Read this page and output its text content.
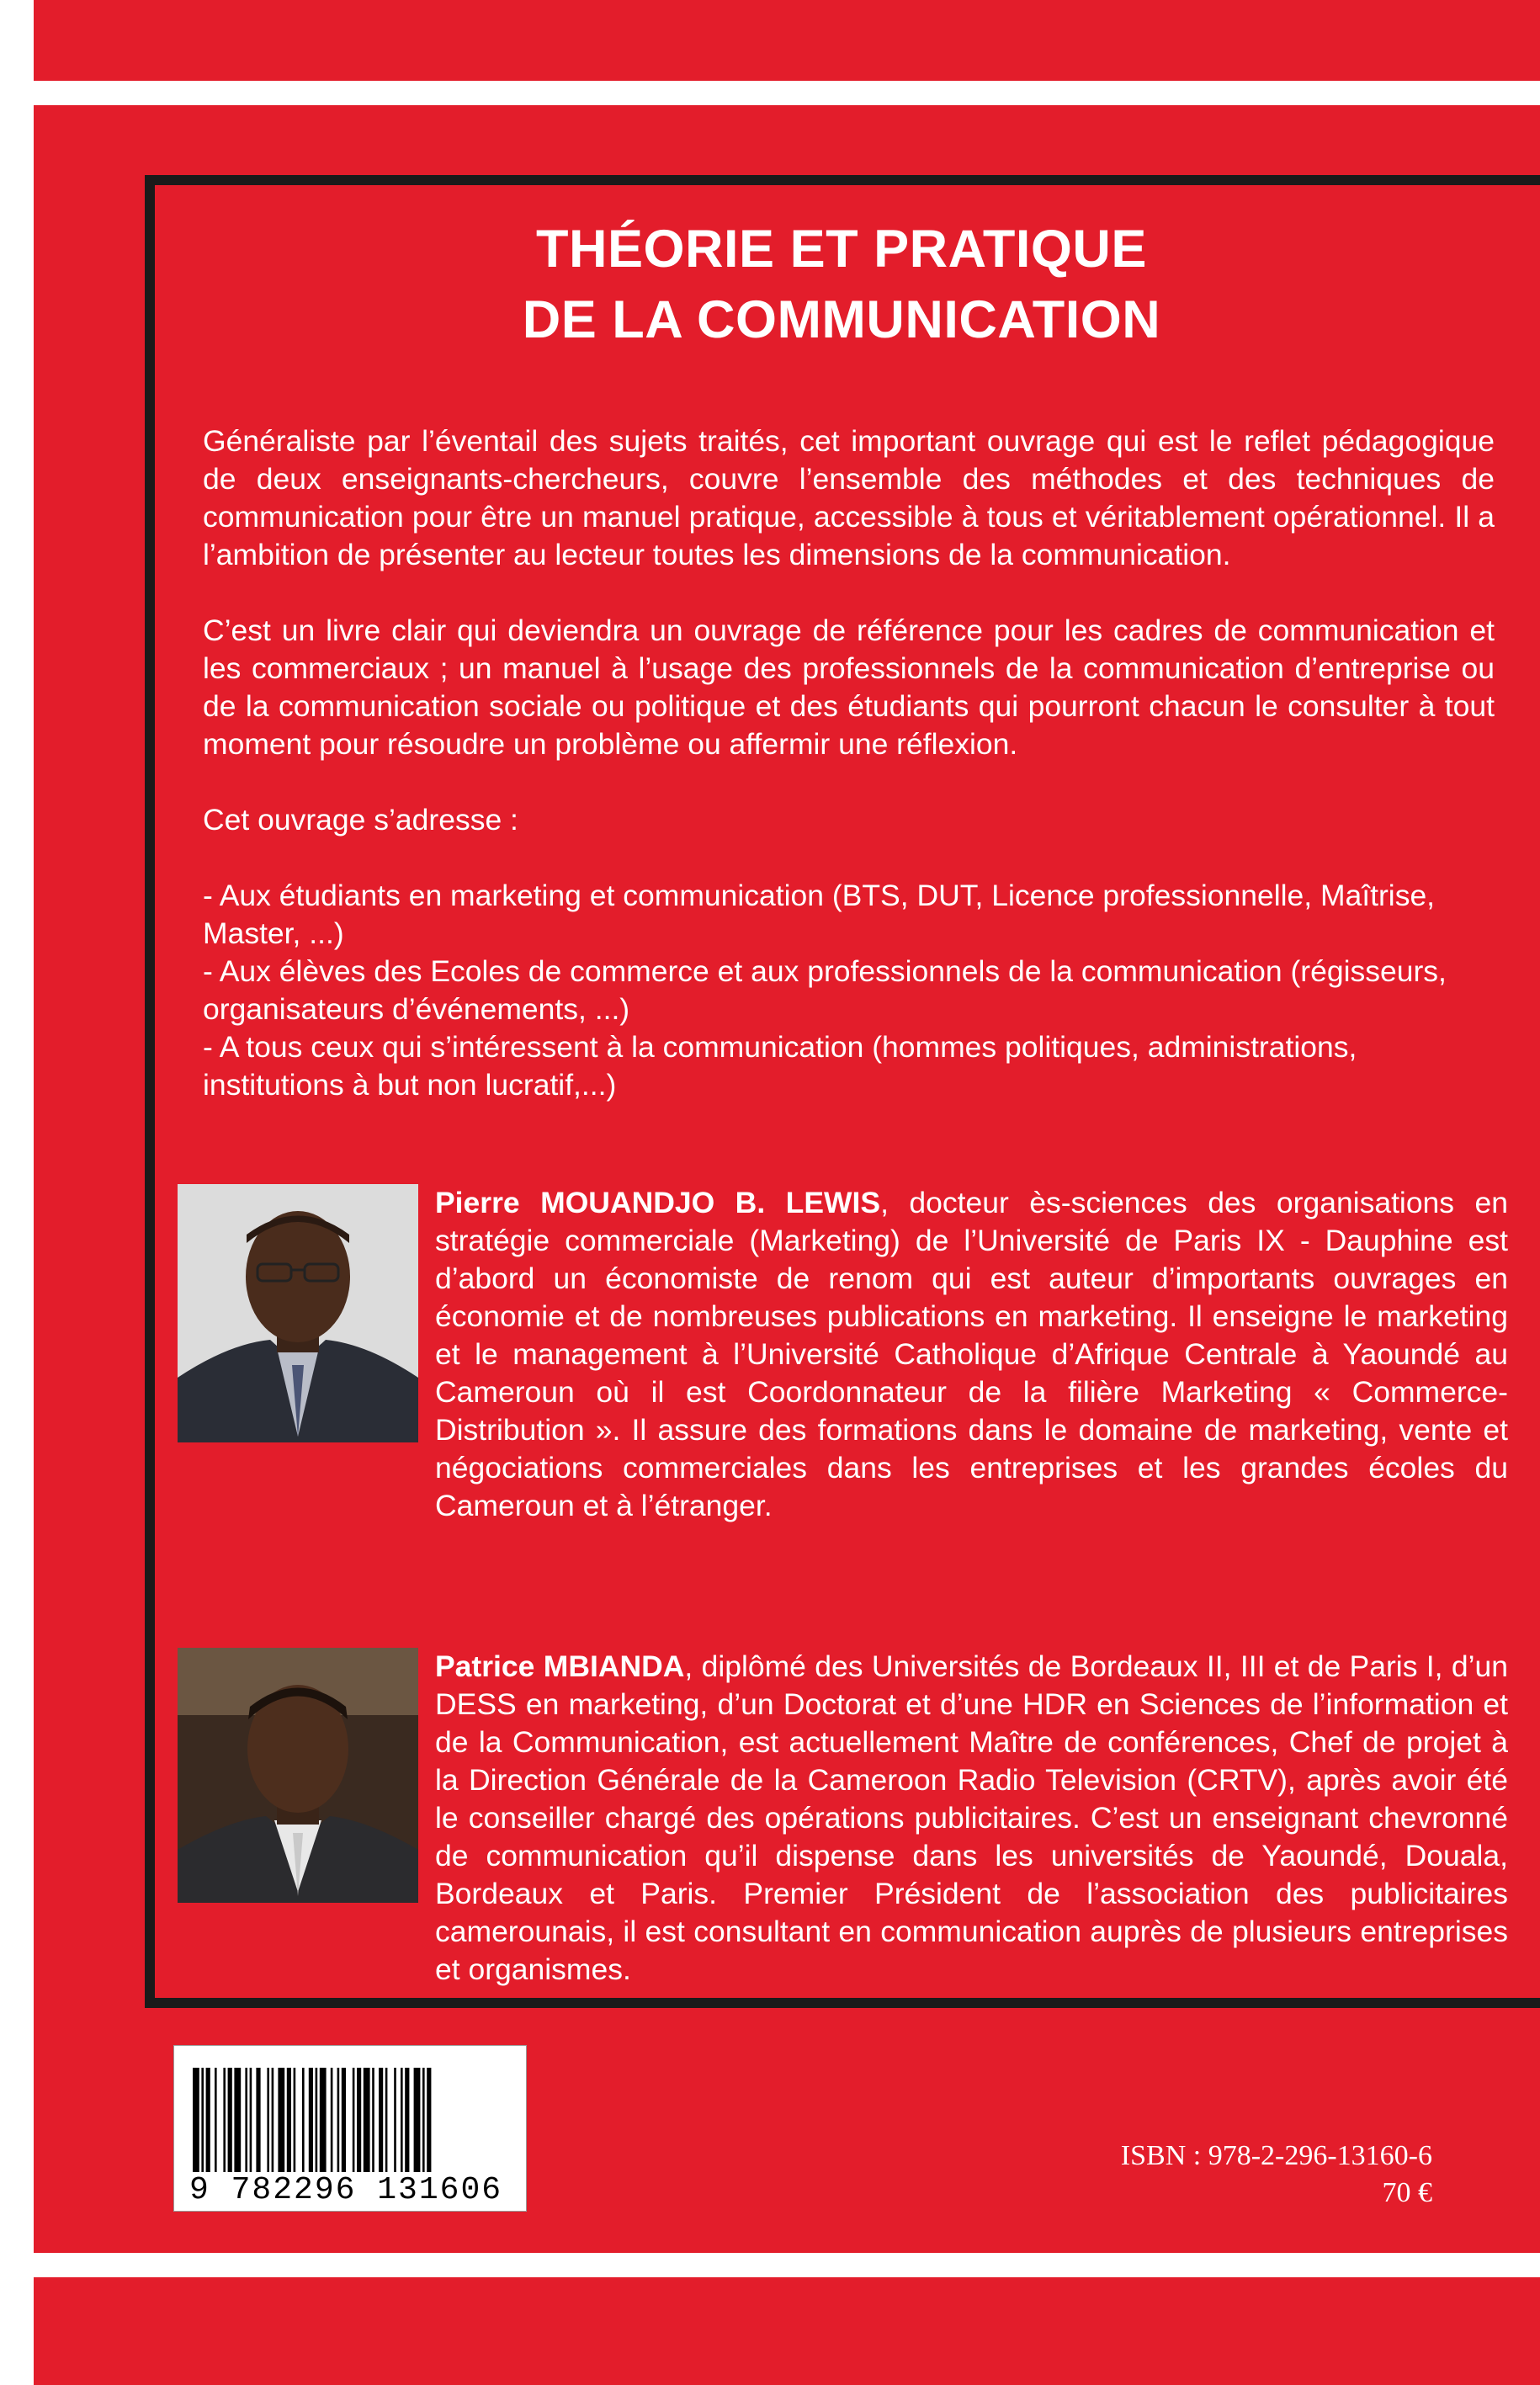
THÉORIE ET PRATIQUE
DE LA COMMUNICATION

Généraliste par l’éventail des sujets traités, cet important ouvrage qui est le reflet pédagogique de deux enseignants-chercheurs, couvre l’ensemble des méthodes et des techniques de communication pour être un manuel pratique, accessible à tous et véritablement opérationnel. Il a l’ambition de présenter au lecteur toutes les dimensions de la communication.

C’est un livre clair qui deviendra un ouvrage de référence pour les cadres de communication et les commerciaux ; un manuel à l’usage des professionnels de la communication d’entreprise ou de la communication sociale ou politique et des étudiants qui pourront chacun le consulter à tout moment pour résoudre un problème ou affermir une réflexion.

Cet ouvrage s’adresse :

- Aux étudiants en marketing et communication (BTS, DUT, Licence professionnelle, Maîtrise,
Master, ...)
- Aux élèves des Ecoles de commerce et aux professionnels de la communication (régisseurs,
organisateurs d’événements, ...)
- A tous ceux qui s’intéressent à la communication (hommes politiques, administrations,
institutions à but non lucratif,...)

Pierre MOUANDJO B. LEWIS, docteur ès-sciences des organisations en stratégie commerciale (Marketing) de l’Université de Paris IX - Dauphine est d’abord un économiste de renom qui est auteur d’importants ouvrages en économie et de nombreuses publications en marketing. Il enseigne le marketing et le management à l’Université Catholique d’Afrique Centrale à Yaoundé au Cameroun où il est Coordonnateur de la filière Marketing « Commerce-Distribution ». Il assure des formations dans le domaine de marketing, vente et négociations commerciales dans les entreprises et les grandes écoles du Cameroun et à l’étranger.

Patrice MBIANDA, diplômé des Universités de Bordeaux II, III et de Paris I, d’un DESS en marketing, d’un Doctorat et d’une HDR en Sciences de l’information et de la Communication, est actuellement Maître de conférences, Chef de projet à la Direction Générale de la Cameroon Radio Television (CRTV), après avoir été le conseiller chargé des opérations publicitaires. C’est un enseignant chevronné de communication qu’il dispense dans les universités de Yaoundé, Douala, Bordeaux et Paris. Premier Président de l’association des publicitaires camerounais, il est consultant en communication auprès de plusieurs entreprises et organismes.

9 782296 131606
ISBN : 978-2-296-13160-6
70 €
